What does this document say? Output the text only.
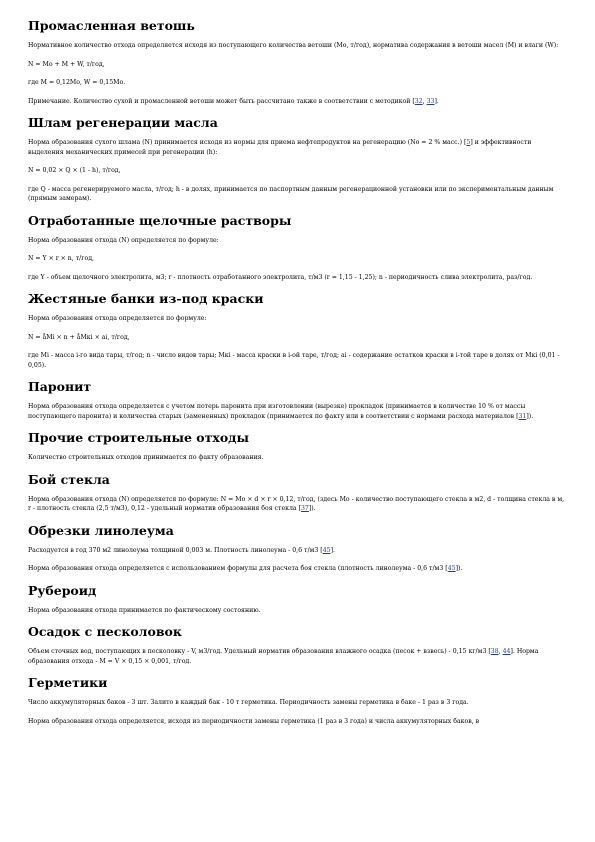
Промасленная ветошь

Нормативное количество отхода определяется исходя из поступающего количества ветоши (Мо, т/год), норматива содержания в ветоши масел (М) и влаги (W):

N = Мо + M + W, т/год,

где M = 0,12Мо, W = 0,15Мо.

Примечание. Количество сухой и промасленной ветоши может быть рассчитано также в соответствии с методикой [32, 33].

Шлам регенерации масла

Норма образования сухого шлама (N) принимается исходя из нормы для приема нефтепродуктов на регенерацию (No = 2 % масс.) [5] и эффективности выделения механических примесей при регенерации (h):

N = 0,02 × Q × (1 - h), т/год,

где Q - масса регенерируемого масла, т/год; h - в долях, принимается по паспортным данным регенерационной установки или по экспериментальным данным (прямым замерам).

Отработанные щелочные растворы

Норма образования отхода (N) определяется по формуле:

N = Y × r × n, т/год,

где Y - объем щелочного электролита, м3; r - плотность отработанного электролита, т/м3 (r = 1,15 - 1,25); n - периодичность слива электролита, раз/год.

Жестяные банки из-под краски

Норма образования отхода определяется по формуле:

N = åMi × n + åMкi × ai, т/год,

где Mi - масса i-го вида тары, т/год; n - число видов тары; Mкi - масса краски в i-ой таре, т/год; ai - содержание остатков краски в i-той таре в долях от Mкi (0,01 - 0,05).

Паронит

Норма образования отхода определяется с учетом потерь паронита при изготовлении (вырезке) прокладок (принимается в количестве 10 % от массы поступающего паронита) и количества старых (замененных) прокладок (принимается по факту или в соответствии с нормами расхода материалов [31]).

Прочие строительные отходы

Количество строительных отходов принимается по факту образования.

Бой стекла

Норма образования отхода (N) определяется по формуле: N = Мо × d × r × 0,12, т/год, (здесь Мо - количество поступающего стекла в м2, d - толщина стекла в м, r - плотность стекла (2,5 т/м3), 0,12 - удельный норматив образования боя стекла [37]).

Обрезки линолеума

Расходуется в год 370 м2 линолеума толщиной 0,003 м. Плотность линолеума - 0,6 т/м3 [45].

Норма образования отхода определяется с использованием формулы для расчета боя стекла (плотность линолеума - 0,6 т/м3 [45]).

Рубероид

Норма образования отхода принимается по фактическому состоянию.

Осадок с песколовок

Объем сточных вод, поступающих в песколовку - V, м3/год. Удельный норматив образования влажного осадка (песок + взвесь) - 0,15 кг/м3 [38, 44]. Норма образования отхода - M = V × 0,15 × 0,001, т/год.

Герметики

Число аккумуляторных баков - 3 шт. Залито в каждый бак - 10 т герметика. Периодичность замены герметика в баке - 1 раз в 3 года.

Норма образования отхода определяется, исходя из периодичности замены герметика (1 раз в 3 года) и числа аккумуляторных баков, в
